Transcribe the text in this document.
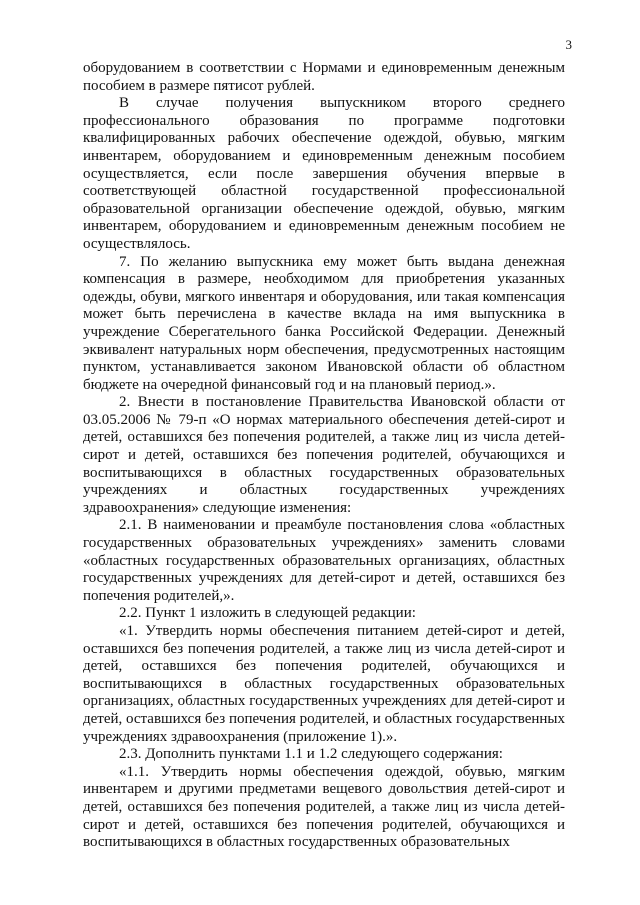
3

оборудованием в соответствии с Нормами и единовременным денежным пособием в размере пятисот рублей.

В случае получения выпускником второго среднего профессионального образования по программе подготовки квалифицированных рабочих обеспечение одеждой, обувью, мягким инвентарем, оборудованием и единовременным денежным пособием осуществляется, если после завершения обучения впервые в соответствующей областной государственной профессиональной образовательной организации обеспечение одеждой, обувью, мягким инвентарем, оборудованием и единовременным денежным пособием не осуществлялось.

7. По желанию выпускника ему может быть выдана денежная компенсация в размере, необходимом для приобретения указанных одежды, обуви, мягкого инвентаря и оборудования, или такая компенсация может быть перечислена в качестве вклада на имя выпускника в учреждение Сберегательного банка Российской Федерации. Денежный эквивалент натуральных норм обеспечения, предусмотренных настоящим пунктом, устанавливается законом Ивановской области об областном бюджете на очередной финансовый год и на плановый период.».

2. Внести в постановление Правительства Ивановской области от 03.05.2006 № 79-п «О нормах материального обеспечения детей-сирот и детей, оставшихся без попечения родителей, а также лиц из числа детей-сирот и детей, оставшихся без попечения родителей, обучающихся и воспитывающихся в областных государственных образовательных учреждениях и областных государственных учреждениях здравоохранения» следующие изменения:

2.1. В наименовании и преамбуле постановления слова «областных государственных образовательных учреждениях» заменить словами «областных государственных образовательных организациях, областных государственных учреждениях для детей-сирот и детей, оставшихся без попечения родителей,».

2.2. Пункт 1 изложить в следующей редакции:

«1. Утвердить нормы обеспечения питанием детей-сирот и детей, оставшихся без попечения родителей, а также лиц из числа детей-сирот и детей, оставшихся без попечения родителей, обучающихся и воспитывающихся в областных государственных образовательных организациях, областных государственных учреждениях для детей-сирот и детей, оставшихся без попечения родителей, и областных государственных учреждениях здравоохранения (приложение 1).».

2.3. Дополнить пунктами 1.1 и 1.2 следующего содержания:

«1.1. Утвердить нормы обеспечения одеждой, обувью, мягким инвентарем и другими предметами вещевого довольствия детей-сирот и детей, оставшихся без попечения родителей, а также лиц из числа детей-сирот и детей, оставшихся без попечения родителей, обучающихся и воспитывающихся в областных государственных образовательных
